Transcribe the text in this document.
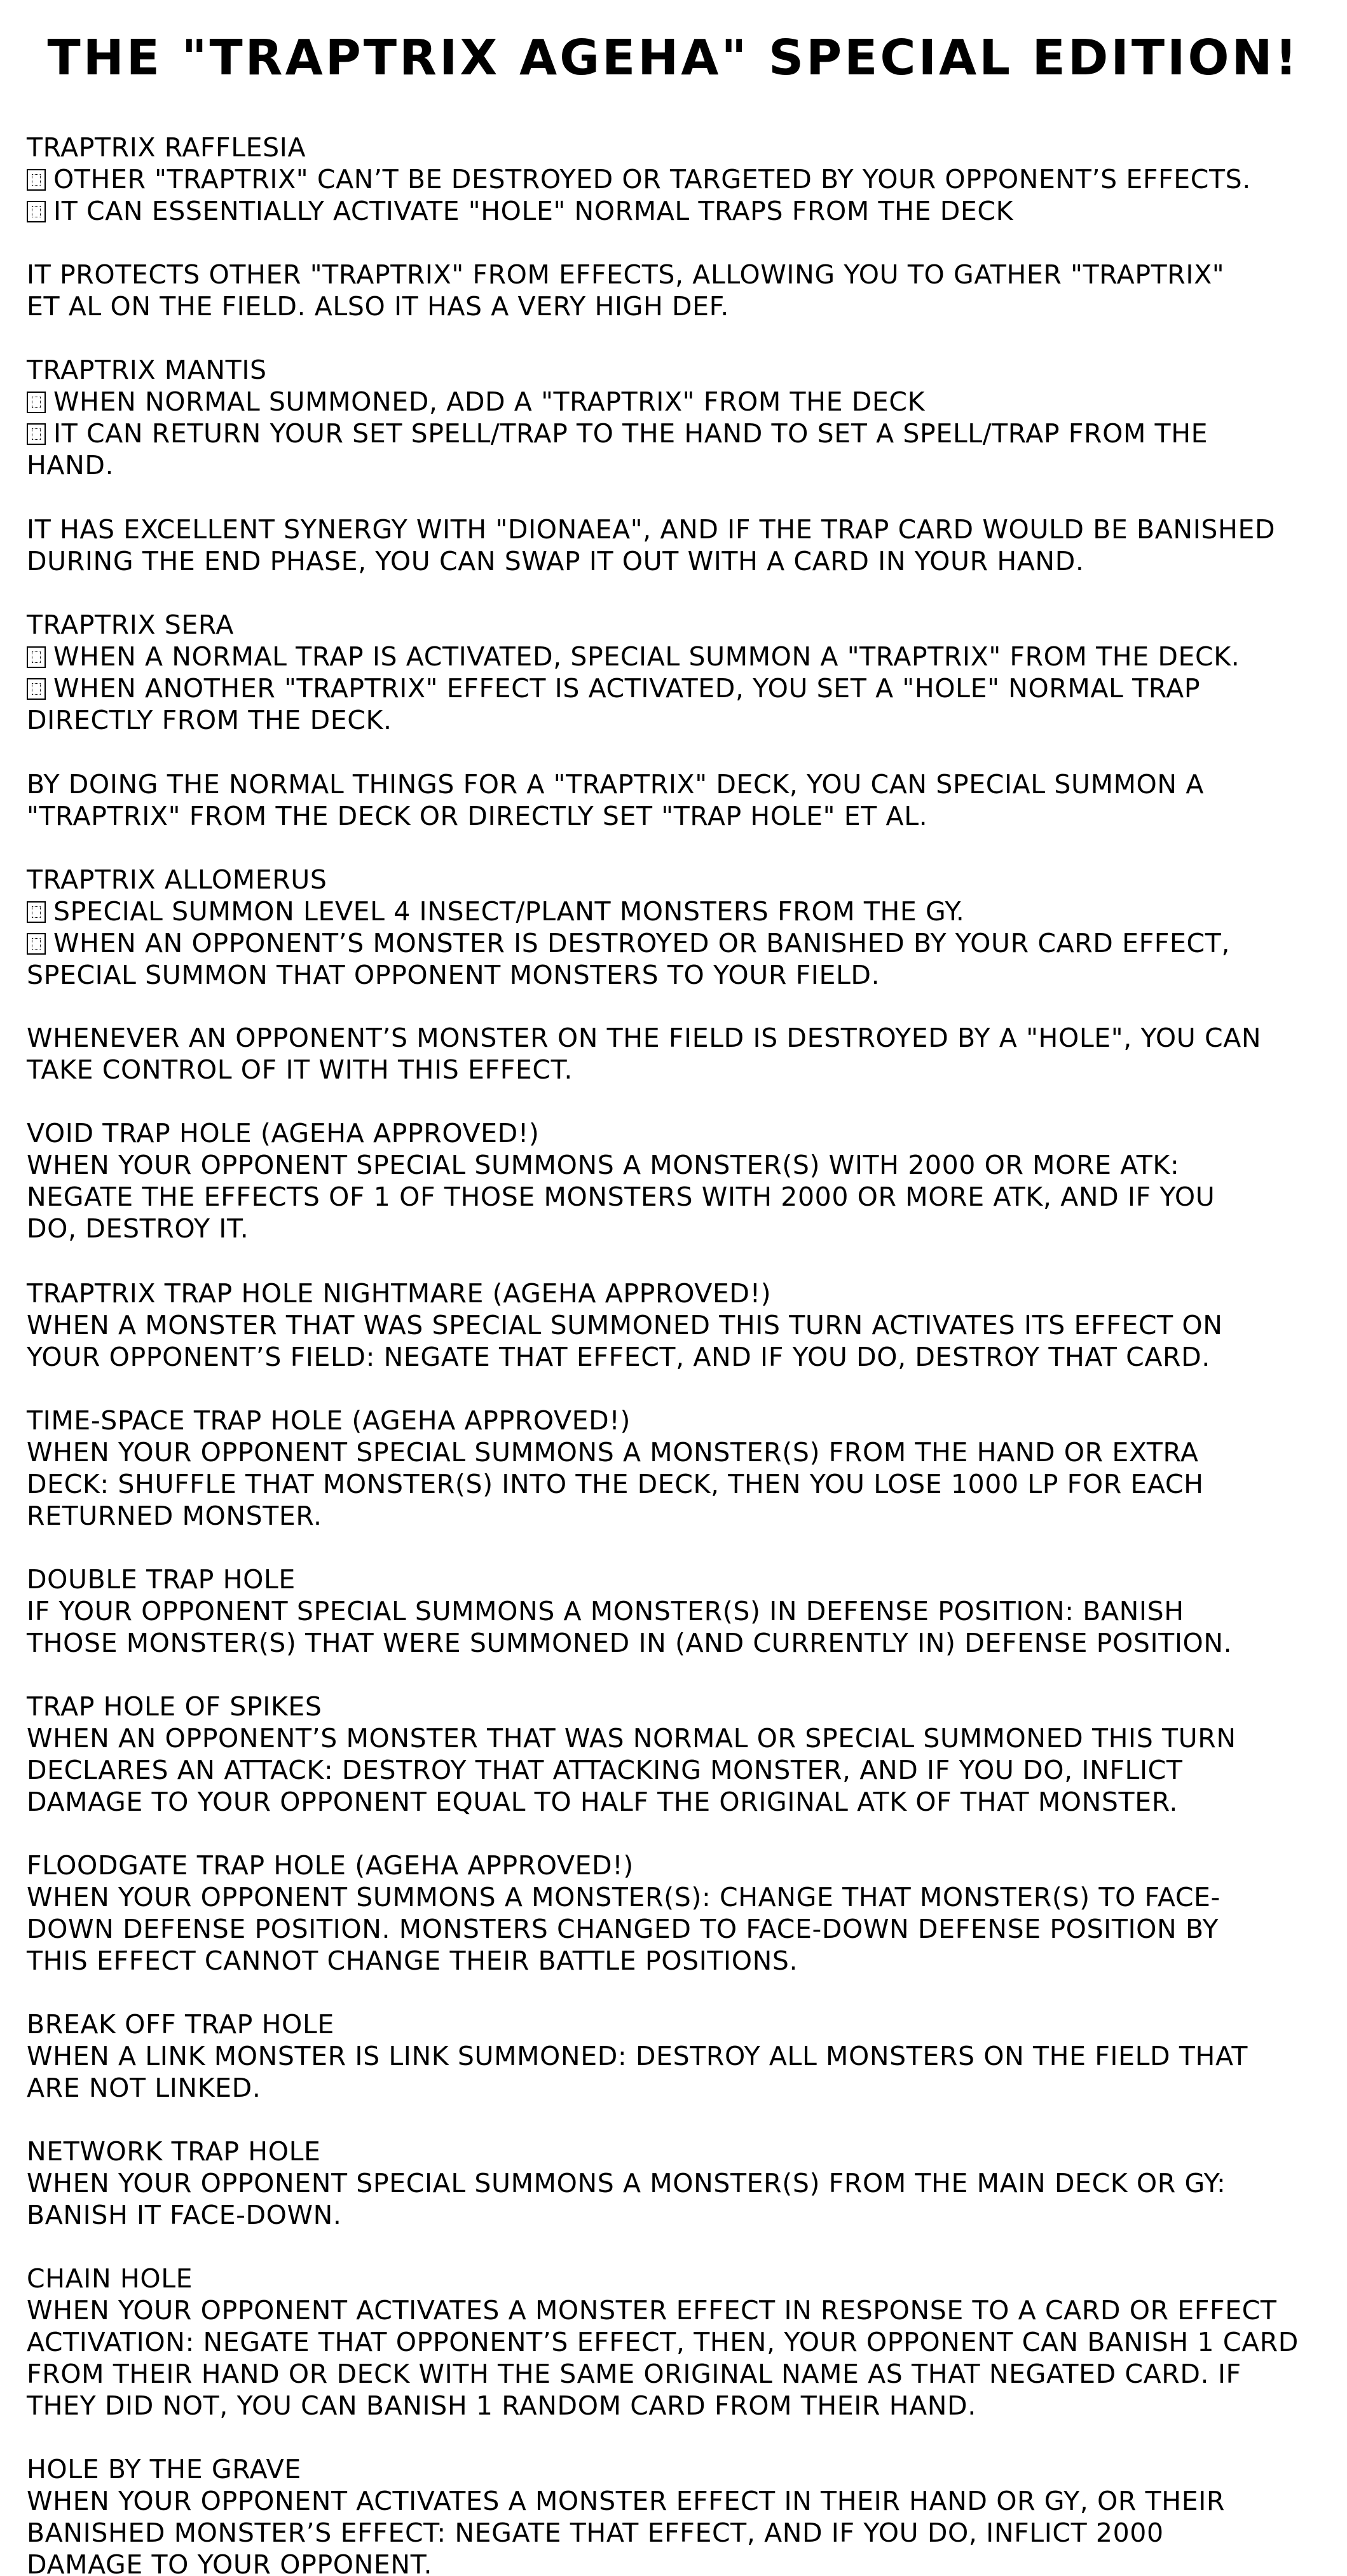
THE "TRAPTRIX AGEHA" SPECIAL EDITION!
TRAPTRIX RAFFLESIA
OTHER "TRAPTRIX" CAN’T BE DESTROYED OR TARGETED BY YOUR OPPONENT’S EFFECTS.
IT CAN ESSENTIALLY ACTIVATE "HOLE" NORMAL TRAPS FROM THE DECK
IT PROTECTS OTHER "TRAPTRIX" FROM EFFECTS, ALLOWING YOU TO GATHER "TRAPTRIX"
ET AL ON THE FIELD. ALSO IT HAS A VERY HIGH DEF.
TRAPTRIX MANTIS
WHEN NORMAL SUMMONED, ADD A "TRAPTRIX" FROM THE DECK
IT CAN RETURN YOUR SET SPELL/TRAP TO THE HAND TO SET A SPELL/TRAP FROM THE
HAND.
IT HAS EXCELLENT SYNERGY WITH "DIONAEA", AND IF THE TRAP CARD WOULD BE BANISHED
DURING THE END PHASE, YOU CAN SWAP IT OUT WITH A CARD IN YOUR HAND.
TRAPTRIX SERA
WHEN A NORMAL TRAP IS ACTIVATED, SPECIAL SUMMON A "TRAPTRIX" FROM THE DECK.
WHEN ANOTHER "TRAPTRIX" EFFECT IS ACTIVATED, YOU SET A "HOLE" NORMAL TRAP
DIRECTLY FROM THE DECK.
BY DOING THE NORMAL THINGS FOR A "TRAPTRIX" DECK, YOU CAN SPECIAL SUMMON A
"TRAPTRIX" FROM THE DECK OR DIRECTLY SET "TRAP HOLE" ET AL.
TRAPTRIX ALLOMERUS
SPECIAL SUMMON LEVEL 4 INSECT/PLANT MONSTERS FROM THE GY.
WHEN AN OPPONENT’S MONSTER IS DESTROYED OR BANISHED BY YOUR CARD EFFECT,
SPECIAL SUMMON THAT OPPONENT MONSTERS TO YOUR FIELD.
WHENEVER AN OPPONENT’S MONSTER ON THE FIELD IS DESTROYED BY A "HOLE", YOU CAN
TAKE CONTROL OF IT WITH THIS EFFECT.
VOID TRAP HOLE (AGEHA APPROVED!)
WHEN YOUR OPPONENT SPECIAL SUMMONS A MONSTER(S) WITH 2000 OR MORE ATK:
NEGATE THE EFFECTS OF 1 OF THOSE MONSTERS WITH 2000 OR MORE ATK, AND IF YOU
DO, DESTROY IT.
TRAPTRIX TRAP HOLE NIGHTMARE (AGEHA APPROVED!)
WHEN A MONSTER THAT WAS SPECIAL SUMMONED THIS TURN ACTIVATES ITS EFFECT ON
YOUR OPPONENT’S FIELD: NEGATE THAT EFFECT, AND IF YOU DO, DESTROY THAT CARD.
TIME-SPACE TRAP HOLE (AGEHA APPROVED!)
WHEN YOUR OPPONENT SPECIAL SUMMONS A MONSTER(S) FROM THE HAND OR EXTRA
DECK: SHUFFLE THAT MONSTER(S) INTO THE DECK, THEN YOU LOSE 1000 LP FOR EACH
RETURNED MONSTER.
DOUBLE TRAP HOLE
IF YOUR OPPONENT SPECIAL SUMMONS A MONSTER(S) IN DEFENSE POSITION: BANISH
THOSE MONSTER(S) THAT WERE SUMMONED IN (AND CURRENTLY IN) DEFENSE POSITION.
TRAP HOLE OF SPIKES
WHEN AN OPPONENT’S MONSTER THAT WAS NORMAL OR SPECIAL SUMMONED THIS TURN
DECLARES AN ATTACK: DESTROY THAT ATTACKING MONSTER, AND IF YOU DO, INFLICT
DAMAGE TO YOUR OPPONENT EQUAL TO HALF THE ORIGINAL ATK OF THAT MONSTER.
FLOODGATE TRAP HOLE (AGEHA APPROVED!)
WHEN YOUR OPPONENT SUMMONS A MONSTER(S): CHANGE THAT MONSTER(S) TO FACE-
DOWN DEFENSE POSITION. MONSTERS CHANGED TO FACE-DOWN DEFENSE POSITION BY
THIS EFFECT CANNOT CHANGE THEIR BATTLE POSITIONS.
BREAK OFF TRAP HOLE
WHEN A LINK MONSTER IS LINK SUMMONED: DESTROY ALL MONSTERS ON THE FIELD THAT
ARE NOT LINKED.
NETWORK TRAP HOLE
WHEN YOUR OPPONENT SPECIAL SUMMONS A MONSTER(S) FROM THE MAIN DECK OR GY:
BANISH IT FACE-DOWN.
CHAIN HOLE
WHEN YOUR OPPONENT ACTIVATES A MONSTER EFFECT IN RESPONSE TO A CARD OR EFFECT
ACTIVATION: NEGATE THAT OPPONENT’S EFFECT, THEN, YOUR OPPONENT CAN BANISH 1 CARD
FROM THEIR HAND OR DECK WITH THE SAME ORIGINAL NAME AS THAT NEGATED CARD. IF
THEY DID NOT, YOU CAN BANISH 1 RANDOM CARD FROM THEIR HAND.
HOLE BY THE GRAVE
WHEN YOUR OPPONENT ACTIVATES A MONSTER EFFECT IN THEIR HAND OR GY, OR THEIR
BANISHED MONSTER’S EFFECT: NEGATE THAT EFFECT, AND IF YOU DO, INFLICT 2000
DAMAGE TO YOUR OPPONENT.
